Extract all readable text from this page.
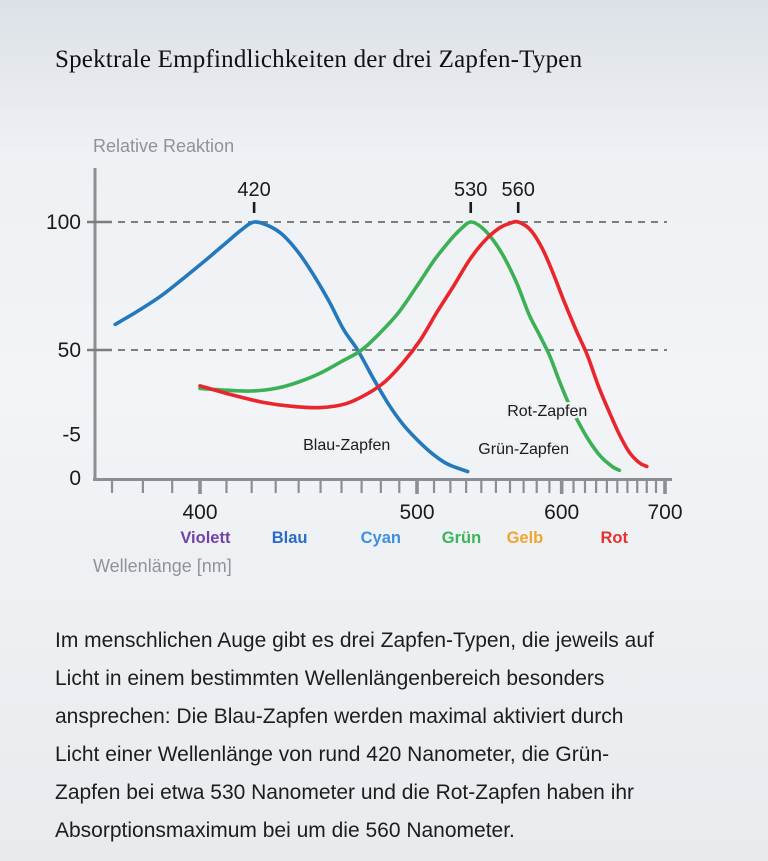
Spektrale Empfindlichkeiten der drei Zapfen-Typen
Relative Reaktion
100
50
-5
0
400	500	600	700
420	530 560
Blau-Zapfen
Rot-Zapfen
Grün-Zapfen
Violett Blau	Cyan Grün Gelb	Rot
Wellenlänge [nm]
Im menschlichen Auge gibt es drei Zapfen-Typen, die jeweils auf
Licht in einem bestimmten Wellenlängenbereich besonders
ansprechen: Die Blau-Zapfen werden maximal aktiviert durch
Licht einer Wellenlänge von rund 420 Nanometer, die Grün-
Zapfen bei etwa 530 Nanometer und die Rot-Zapfen haben ihr
Absorptionsmaximum bei um die 560 Nanometer.
